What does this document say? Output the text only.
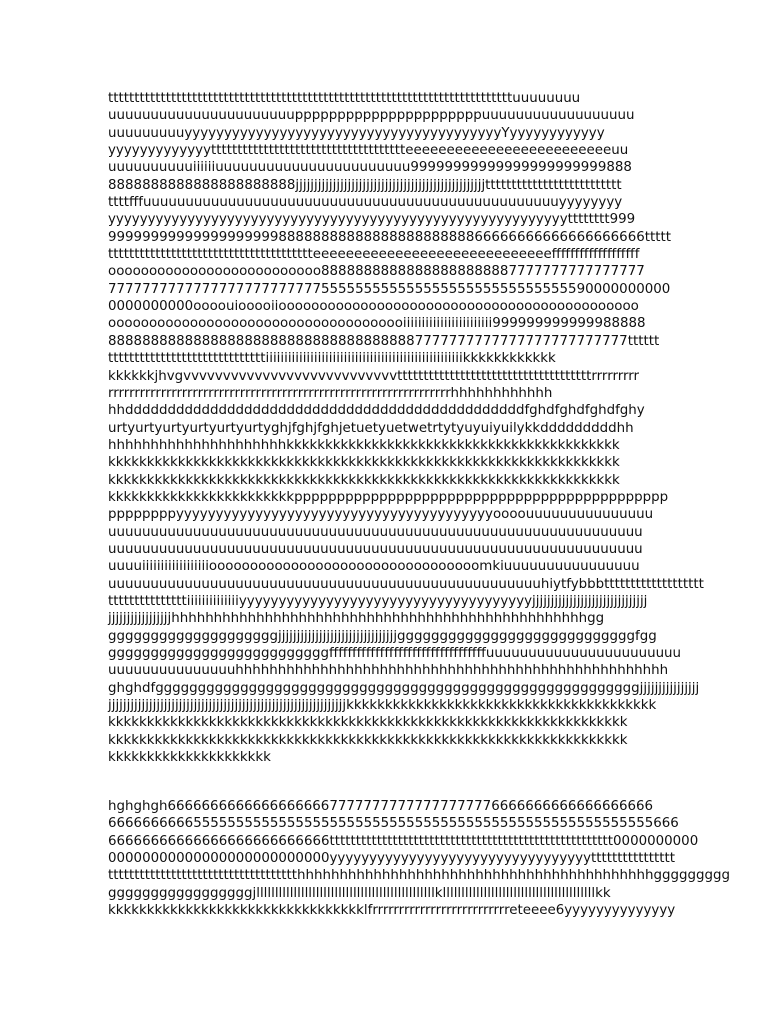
tttttttttttttttttttttttttttttttttttttttttttttttttttttttttttttttttttttttttttttuuuuuuuu
uuuuuuuuuuuuuuuuuuuuuuppppppppppppppppppppppuuuuuuuuuuuuuuuuuu
uuuuuuuuuyyyyyyyyyyyyyyyyyyyyyyyyyyyyyyyyyyyyyyyyYyyyyyyyyyyyy
yyyyyyyyyyyyyttttttttttttttttttttttttttttttttttttteeeeeeeeeeeeeeeeeeeeeeeeeuu
uuuuuuuuuuiiiiiiuuuuuuuuuuuuuuuuuuuuuuu99999999999999999999999888
8888888888888888888888jjjjjjjjjjjjjjjjjjjjjjjjjjjjjjjjjjjjjjjjjjjjjjjjjjjtttttttttttttttttttttttttt
ttttfffuuuuuuuuuuuuuuuuuuuuuuuuuuuuuuuuuuuuuuuuuuuuuuuuuyyyyyyyy
yyyyyyyyyyyyyyyyyyyyyyyyyyyyyyyyyyyyyyyyyyyyyyyyyyyyyyyyyytttttttt999
999999999999999999998888888888888888888888866666666666666666666ttttt
ttttttttttttttttttttttttttttttttttttttteeeeeeeeeeeeeeeeeeeeeeeeeeeeefffffffffffffffffff
oooooooooooooooooooooooooo88888888888888888888887777777777777777
777777777777777777777777755555555555555555555555555555590000000000
0000000000oooouiooooiioooooooooooooooooooooooooooooooooooooooooooo
ooooooooooooooooooooooooooooooooooooiiiiiiiiiiiiiiiiiiiiiiii999999999999988888
8888888888888888888888888888888888887777777777777777777777777tttttt
ttttttttttttttttttttttttttttttiiiiiiiiiiiiiiiiiiiiiiiiiiiiiiiiiiiiiiiiiiiiiiiiiiiiikkkkkkkkkkkk
kkkkkkjhvgvvvvvvvvvvvvvvvvvvvvvvvvvvvtttttttttttttttttttttttttttttttttttttrrrrrrrrr
rrrrrrrrrrrrrrrrrrrrrrrrrrrrrrrrrrrrrrrrrrrrrrrrrrrrrrrrrrrrrrrrrhhhhhhhhhhhh
hhdddddddddddddddddddddddddddddddddddddddddddddddfghdfghdfghdfghy
urtyurtyurtyurtyurtyurtyghjfghjfghjetuetyuetwetrtytyuyuiyuilykkdddddddddhh
hhhhhhhhhhhhhhhhhhhhhkkkkkkkkkkkkkkkkkkkkkkkkkkkkkkkkkkkkkkkkkkk
kkkkkkkkkkkkkkkkkkkkkkkkkkkkkkkkkkkkkkkkkkkkkkkkkkkkkkkkkkkkkkkkkk
kkkkkkkkkkkkkkkkkkkkkkkkkkkkkkkkkkkkkkkkkkkkkkkkkkkkkkkkkkkkkkkkkk
kkkkkkkkkkkkkkkkkkkkkkkkpppppppppppppppppppppppppppppppppppppppppppp
ppppppppyyyyyyyyyyyyyyyyyyyyyyyyyyyyyyyyyyyyyyyyoooouuuuuuuuuuuuuuu
uuuuuuuuuuuuuuuuuuuuuuuuuuuuuuuuuuuuuuuuuuuuuuuuuuuuuuuuuuuuuuu
uuuuuuuuuuuuuuuuuuuuuuuuuuuuuuuuuuuuuuuuuuuuuuuuuuuuuuuuuuuuuuu
uuuuiiiiiiiiiiiiiiiiiiooooooooooooooooooooooooooooooooomkiuuuuuuuuuuuuuuuu
uuuuuuuuuuuuuuuuuuuuuuuuuuuuuuuuuuuuuuuuuuuuuuuuuuuhiytfybbbttttttttttttttttttt
tttttttttttttttiiiiiiiiiiiiiiyyyyyyyyyyyyyyyyyyyyyyyyyyyyyyyyyyyyyjjjjjjjjjjjjjjjjjjjjjjjjjjjjjjj
jjjjjjjjjjjjjjjjjhhhhhhhhhhhhhhhhhhhhhhhhhhhhhhhhhhhhhhhhhhhhhhhhhgg
ggggggggggggggggggggjjjjjjjjjjjjjjjjjjjjjjjjjjjjjjjjggggggggggggggggggggggggggggfgg
ggggggggggggggggggggggggggffffffffffffffffffffffffffffffffffuuuuuuuuuuuuuuuuuuuuuuu
uuuuuuuuuuuuuuuhhhhhhhhhhhhhhhhhhhhhhhhhhhhhhhhhhhhhhhhhhhhhhhhhhh
ghghdfgggggggggggggggggggggggggggggggggggggggggggggggggggggggggjjjjjjjjjjjjjjjj
jjjjjjjjjjjjjjjjjjjjjjjjjjjjjjjjjjjjjjjjjjjjjjjjjjjjjjjjjjjjjjjjkkkkkkkkkkkkkkkkkkkkkkkkkkkkkkkkkkkkkkkk
kkkkkkkkkkkkkkkkkkkkkkkkkkkkkkkkkkkkkkkkkkkkkkkkkkkkkkkkkkkkkkkkkkk
kkkkkkkkkkkkkkkkkkkkkkkkkkkkkkkkkkkkkkkkkkkkkkkkkkkkkkkkkkkkkkkkkkk
kkkkkkkkkkkkkkkkkkkkk
hghghgh666666666666666666677777777777777777776666666666666666666
6666666666555555555555555555555555555555555555555555555555555555666
66666666666666666666666666tttttttttttttttttttttttttttttttttttttttttttttttttttttt0000000000
00000000000000000000000000yyyyyyyyyyyyyyyyyyyyyyyyyyyyyyyyytttttttttttttttt
tttttttttttttttttttttttttttttttttttthhhhhhhhhhhhhhhhhhhhhhhhhhhhhhhhhhhhhhhhhhggggggggg
gggggggggggggggggjllllllllllllllllllllllllllllllllllllllllllllllllklllllllllllllllllllllllllllllllllllllllllkk
kkkkkkkkkkkkkkkkkkkkkkkkkkkkkkkkklfrrrrrrrrrrrrrrrrrrrrrrrrrreteeee6yyyyyyyyyyyyyy
